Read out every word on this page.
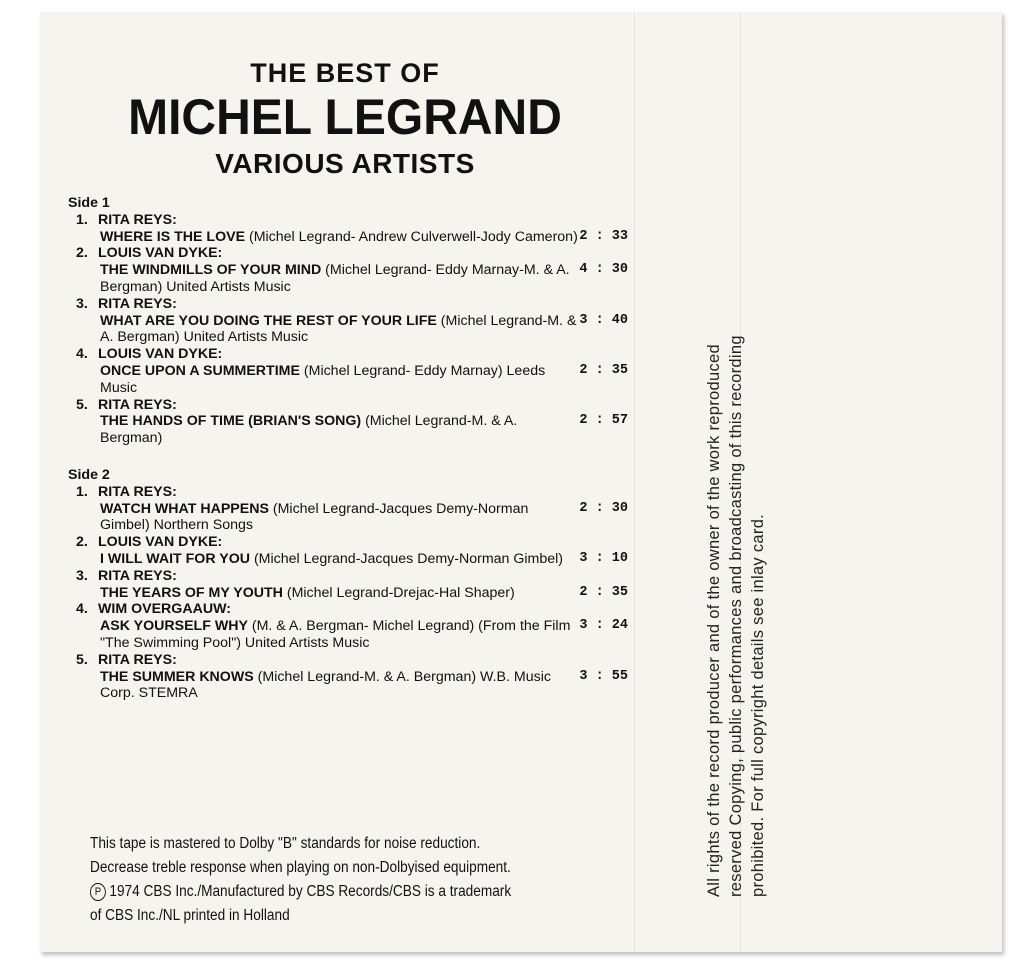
THE BEST OF
MICHEL LEGRAND
VARIOUS ARTISTS
Side 1
1. RITA REYS:
WHERE IS THE LOVE (Michel Legrand- Andrew Culverwell-Jody Cameron) 2 : 33
2. LOUIS VAN DYKE:
THE WINDMILLS OF YOUR MIND (Michel Legrand- Eddy Marnay-M. & A. Bergman) United Artists Music
4 : 30
3. RITA REYS:
WHAT ARE YOU DOING THE REST OF YOUR LIFE (Michel Legrand-M. & A. Bergman) United Artists Music
3 : 40
4. LOUIS VAN DYKE:
ONCE UPON A SUMMERTIME (Michel Legrand- Eddy Marnay) Leeds Music
2 : 35
5. RITA REYS:
THE HANDS OF TIME (BRIAN'S SONG) (Michel Legrand-M. & A. Bergman)
2 : 57
Side 2
1. RITA REYS:
WATCH WHAT HAPPENS (Michel Legrand-Jacques Demy-Norman Gimbel) Northern Songs
2 : 30
2. LOUIS VAN DYKE:
I WILL WAIT FOR YOU (Michel Legrand-Jacques Demy-Norman Gimbel)	3 : 10
3. RITA REYS:
THE YEARS OF MY YOUTH (Michel Legrand-Drejac-Hal Shaper)	2 : 35
4. WIM OVERGAAUW:
ASK YOURSELF WHY (M. & A. Bergman- Michel Legrand) (From the Film "The Swimming Pool") United Artists Music
3 : 24
5. RITA REYS:
THE SUMMER KNOWS (Michel Legrand-M. & A. Bergman) W.B. Music Corp. STEMRA
3 : 55
This tape is mastered to Dolby "B" standards for noise reduction.
Decrease treble response when playing on non-Dolbyised equipment.
P 1974 CBS Inc./Manufactured by CBS Records/CBS is a trademark
of CBS Inc./NL printed in Holland
All rights of the record producer and of the owner of the work reproduced reserved Copying, public performances and broadcasting of this recording prohibited. For full copyright details see inlay card.
